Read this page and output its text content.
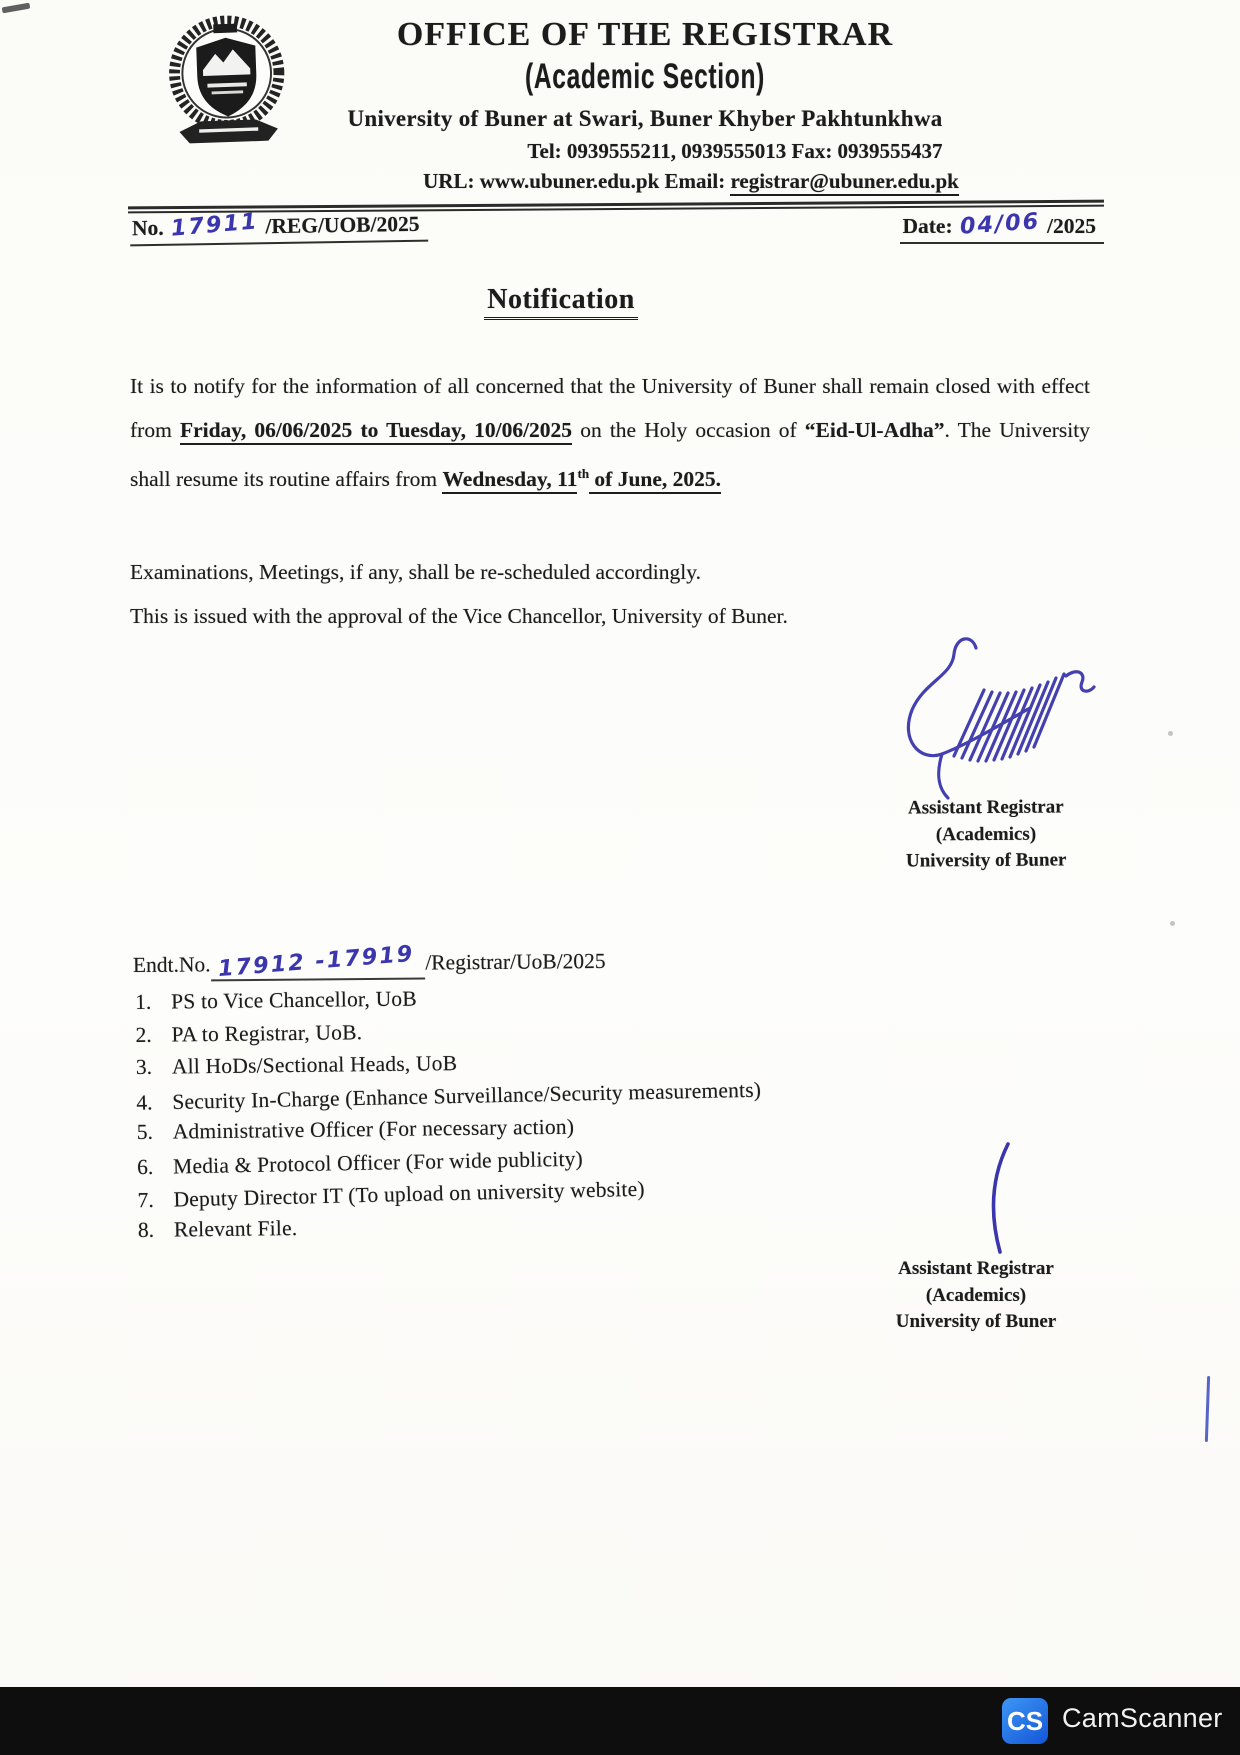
OFFICE OF THE REGISTRAR
(Academic Section)
University of Buner at Swari, Buner Khyber Pakhtunkhwa
Tel: 0939555211, 0939555013 Fax: 0939555437
URL: www.ubuner.edu.pk Email: registrar@ubuner.edu.pk
No. 17911 /REG/UOB/2025	Date: 04/06 /2025
Notification

It is to notify for the information of all concerned that the University of Buner shall remain closed with effect from Friday, 06/06/2025 to Tuesday, 10/06/2025 on the Holy occasion of “Eid-Ul-Adha”. The University shall resume its routine affairs from Wednesday, 11th of June, 2025.

Examinations, Meetings, if any, shall be re-scheduled accordingly.

This is issued with the approval of the Vice Chancellor, University of Buner.

Assistant Registrar
(Academics)
University of Buner
Endt.No. 17912 -17919 /Registrar/UoB/2025
1. PS to Vice Chancellor, UoB
2. PA to Registrar, UoB.
3. All HoDs/Sectional Heads, UoB
4. Security In-Charge (Enhance Surveillance/Security measurements)
5. Administrative Officer (For necessary action)
6. Media & Protocol Officer (For wide publicity)
7. Deputy Director IT (To upload on university website)
8. Relevant File.
Assistant Registrar
(Academics)
University of Buner
CS CamScanner
